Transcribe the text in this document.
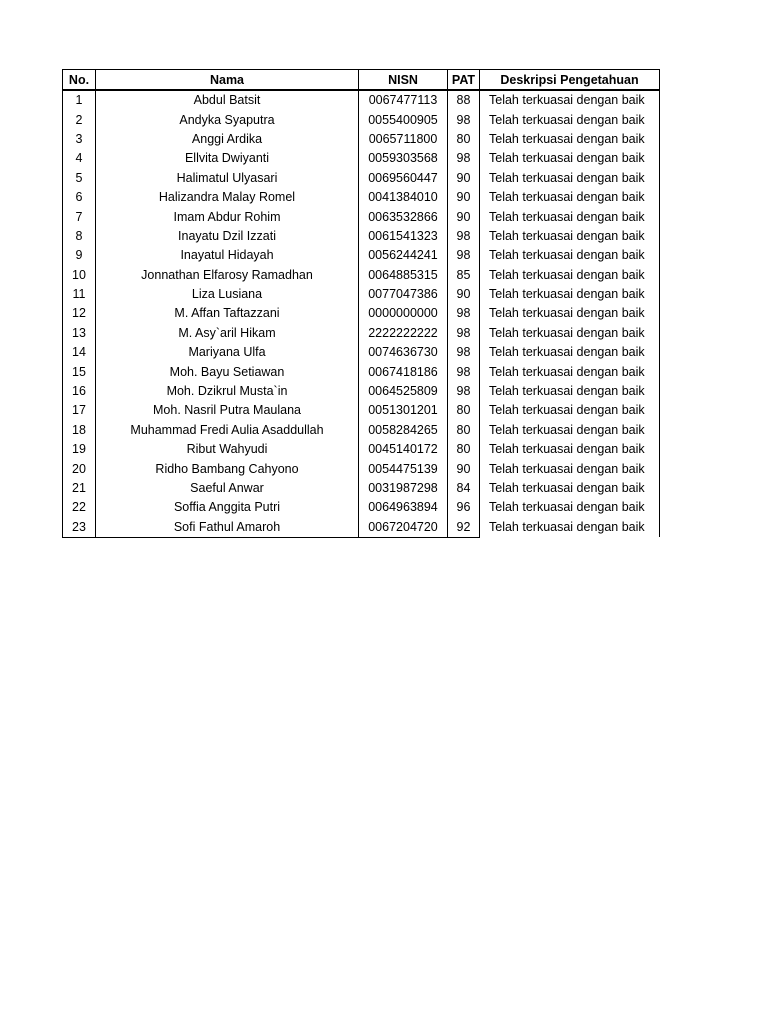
No.	Nama	NISN	PAT	Deskripsi Pengetahuan
1	Abdul Batsit	0067477113	88	Telah terkuasai dengan baik
2	Andyka Syaputra	0055400905	98	Telah terkuasai dengan baik
3	Anggi Ardika	0065711800	80	Telah terkuasai dengan baik
4	Ellvita Dwiyanti	0059303568	98	Telah terkuasai dengan baik
5	Halimatul Ulyasari	0069560447	90	Telah terkuasai dengan baik
6	Halizandra Malay Romel	0041384010	90	Telah terkuasai dengan baik
7	Imam Abdur Rohim	0063532866	90	Telah terkuasai dengan baik
8	Inayatu Dzil Izzati	0061541323	98	Telah terkuasai dengan baik
9	Inayatul Hidayah	0056244241	98	Telah terkuasai dengan baik
10	Jonnathan Elfarosy Ramadhan	0064885315	85	Telah terkuasai dengan baik
11	Liza Lusiana	0077047386	90	Telah terkuasai dengan baik
12	M. Affan Taftazzani	0000000000	98	Telah terkuasai dengan baik
13	M. Asy`aril Hikam	2222222222	98	Telah terkuasai dengan baik
14	Mariyana Ulfa	0074636730	98	Telah terkuasai dengan baik
15	Moh. Bayu Setiawan	0067418186	98	Telah terkuasai dengan baik
16	Moh. Dzikrul Musta`in	0064525809	98	Telah terkuasai dengan baik
17	Moh. Nasril Putra Maulana	0051301201	80	Telah terkuasai dengan baik
18	Muhammad Fredi Aulia Asaddullah	0058284265	80	Telah terkuasai dengan baik
19	Ribut Wahyudi	0045140172	80	Telah terkuasai dengan baik
20	Ridho Bambang Cahyono	0054475139	90	Telah terkuasai dengan baik
21	Saeful Anwar	0031987298	84	Telah terkuasai dengan baik
22	Soffia Anggita Putri	0064963894	96	Telah terkuasai dengan baik
23	Sofi Fathul Amaroh	0067204720	92	Telah terkuasai dengan baik
